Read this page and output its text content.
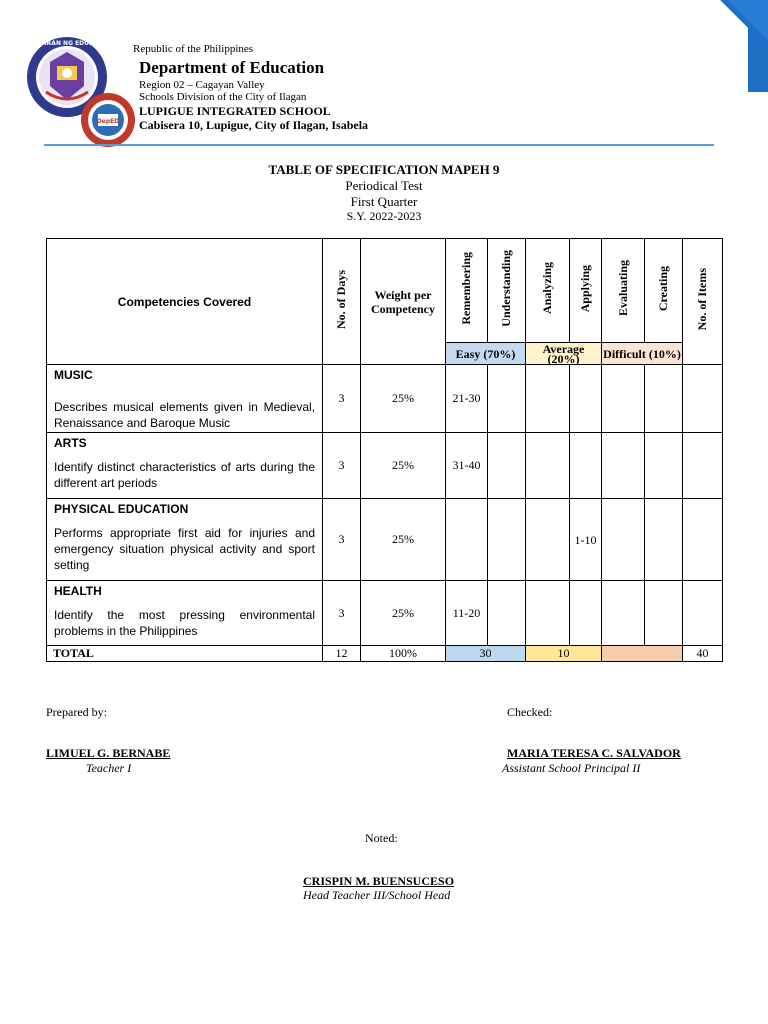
KAGAWARAN NG EDUKASYON
DepED
Republic of the Philippines
Department of Education
Region 02 – Cagayan Valley
Schools Division of the City of Ilagan
LUPIGUE INTEGRATED SCHOOL
Cabisera 10, Lupigue, City of Ilagan, Isabela
TABLE OF SPECIFICATION MAPEH 9
Periodical Test
First Quarter
S.Y. 2022-2023
Competencies Covered	No. of Days	Weight per Competency	Remembering	Understanding	Analyzing	Applying	Evaluating	Creating	No. of Items
			Easy (70%)		Average (20%)		Difficult (10%)		

MUSIC
Describes musical elements given in Medieval, Renaissance and Baroque Music	3	25%	21-30						

ARTS
Identify distinct characteristics of arts during the different art periods	3	25%	31-40						

PHYSICAL EDUCATION
Performs appropriate first aid for injuries and emergency situation physical activity and sport setting	3	25%				1-10			

HEALTH
Identify the most pressing environmental problems in the Philippines	3	25%	11-20						
TOTAL	12	100%	30		10				40
Prepared by:	Checked:
LIMUEL G. BERNABE
Teacher I
MARIA TERESA C. SALVADOR
Assistant School Principal II
Noted:
CRISPIN M. BUENSUCESO
Head Teacher III/School Head
